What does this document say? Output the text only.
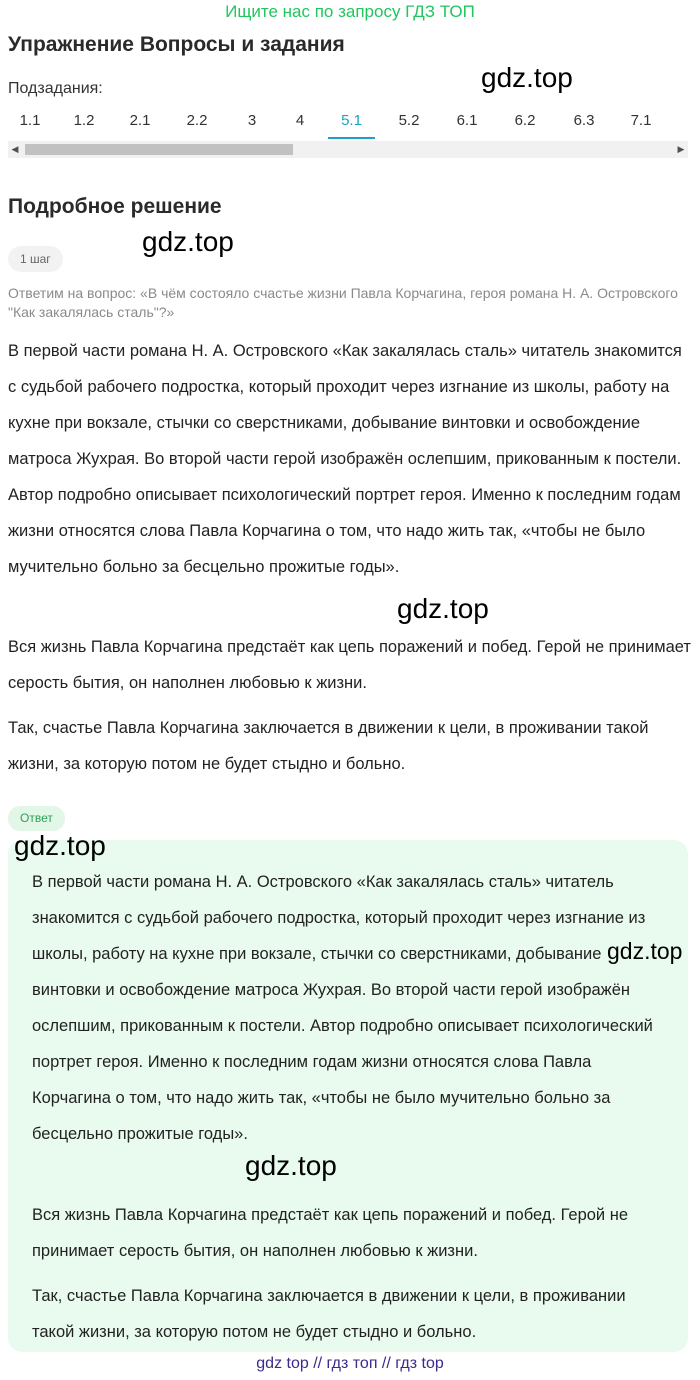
Ищите нас по запросу ГДЗ ТОП
Упражнение Вопросы и задания
Подзадания:	gdz.top
1.1	1.2	2.1	2.2	3	4	5.1	5.2	6.1	6.2	6.3	7.1
◀	▶
Подробное решение
gdz.top
1 шаг
Ответим на вопрос: «В чём состояло счастье жизни Павла Корчагина, героя романа Н. А. Островского "Как закалялась сталь"?»
В первой части романа Н. А. Островского «Как закалялась сталь» читатель знакомится с судьбой рабочего подростка, который проходит через изгнание из школы, работу на кухне при вокзале, стычки со сверстниками, добывание винтовки и освобождение матроса Жухрая. Во второй части герой изображён ослепшим, прикованным к постели. Автор подробно описывает психологический портрет героя. Именно к последним годам жизни относятся слова Павла Корчагина о том, что надо жить так, «чтобы не было мучительно больно за бесцельно прожитые годы».
gdz.top
Вся жизнь Павла Корчагина предстаёт как цепь поражений и побед. Герой не принимает серость бытия, он наполнен любовью к жизни.
Так, счастье Павла Корчагина заключается в движении к цели, в проживании такой жизни, за которую потом не будет стыдно и больно.
Ответ
gdz.top
В первой части романа Н. А. Островского «Как закалялась сталь» читатель знакомится с судьбой рабочего подростка, который проходит через изгнание из школы, работу на кухне при вокзале, стычки со сверстниками, добывание винтовки и освобождение матроса Жухрая. Во второй части герой изображён ослепшим, прикованным к постели. Автор подробно описывает психологический портрет героя. Именно к последним годам жизни относятся слова Павла Корчагина о том, что надо жить так, «чтобы не было мучительно больно за бесцельно прожитые годы».
gdz.top
gdz.top
Вся жизнь Павла Корчагина предстаёт как цепь поражений и побед. Герой не принимает серость бытия, он наполнен любовью к жизни.
Так, счастье Павла Корчагина заключается в движении к цели, в проживании такой жизни, за которую потом не будет стыдно и больно.
gdz top // гдз топ // гдз top
